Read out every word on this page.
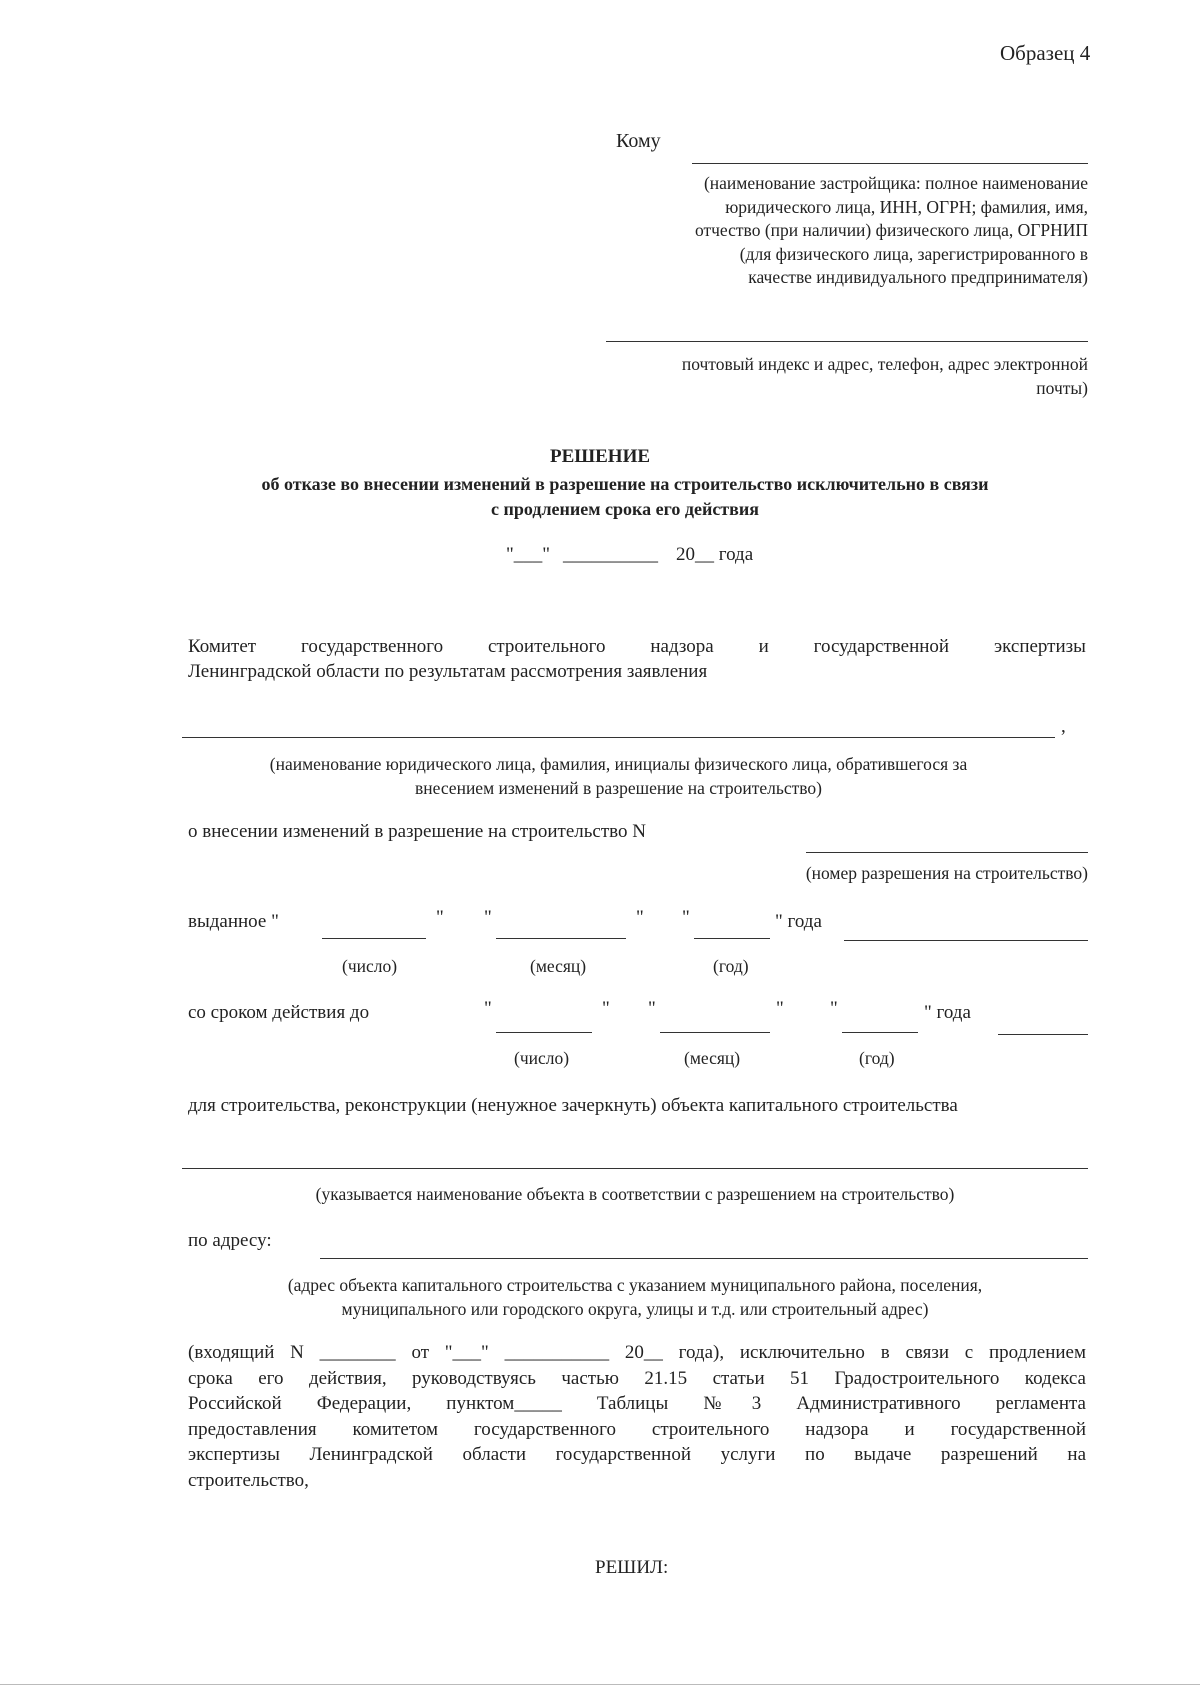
Образец 4
Кому
(наименование застройщика: полное наименование
юридического лица, ИНН, ОГРН; фамилия, имя,
отчество (при наличии) физического лица, ОГРНИП
(для физического лица, зарегистрированного в
качестве индивидуального предпринимателя)
почтовый индекс и адрес, телефон, адрес электронной
почты)
РЕШЕНИЕ
об отказе во внесении изменений в разрешение на строительство исключительно в связи
с продлением срока его действия
"___" __________ 20__ года
Комитет государственного строительного надзора и государственной экспертизы
Ленинградской области по результатам рассмотрения заявления
,
(наименование юридического лица, фамилия, инициалы физического лица, обратившегося за
внесением изменений в разрешение на строительство)
о внесении изменений в разрешение на строительство N
(номер разрешения на строительство)
выданное "	" "	" "	" года
(число)	(месяц)	(год)
со сроком действия до	"	" "	" "	" года
(число)	(месяц)	(год)
для строительства, реконструкции (ненужное зачеркнуть) объекта капитального строительства
(указывается наименование объекта в соответствии с разрешением на строительство)
по адресу:
(адрес объекта капитального строительства с указанием муниципального района, поселения,
муниципального или городского округа, улицы и т.д. или строительный адрес)
(входящий N ________ от "___" ___________ 20__ года), исключительно в связи с продлением
срока его действия, руководствуясь частью 21.15 статьи 51 Градостроительного кодекса
Российской Федерации, пунктом_____ Таблицы №3 Административного регламента
предоставления комитетом государственного строительного надзора и государственной
экспертизы Ленинградской области государственной услуги по выдаче разрешений на
строительство,
РЕШИЛ:
